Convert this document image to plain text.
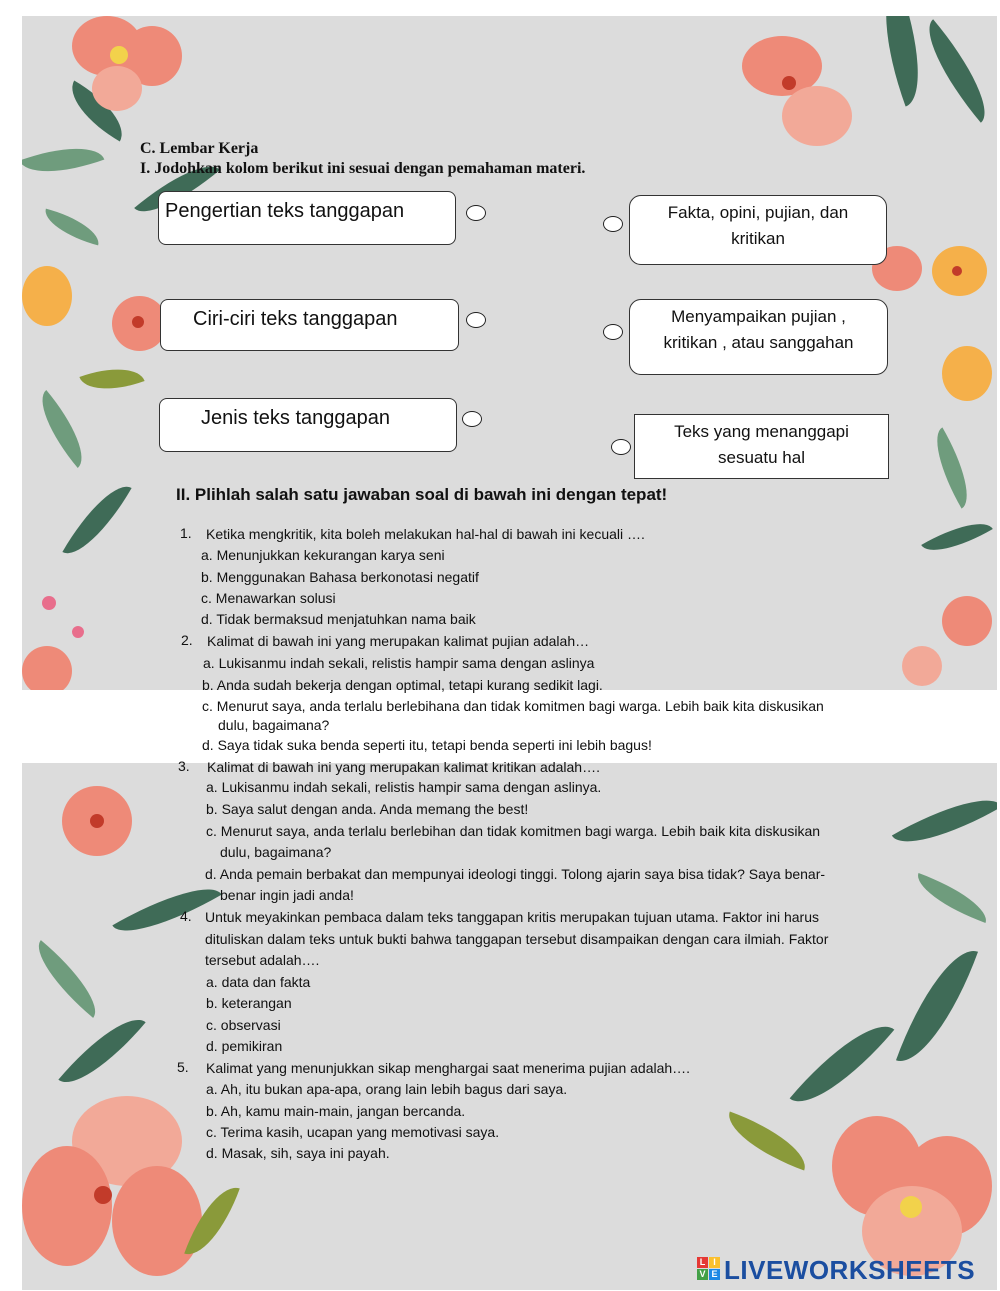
C. Lembar Kerja
I. Jodohkan kolom berikut ini sesuai dengan pemahaman materi.
Pengertian teks tanggapan
Ciri-ciri teks tanggapan
Jenis teks tanggapan
Fakta, opini, pujian, dan
kritikan
Menyampaikan pujian ,
kritikan , atau sanggahan
Teks yang menanggapi
sesuatu hal
II. Plihlah salah satu jawaban soal di bawah ini dengan tepat!
1. Ketika mengkritik, kita boleh melakukan hal-hal di bawah ini kecuali ….
a. Menunjukkan kekurangan karya seni
b. Menggunakan Bahasa berkonotasi negatif
c. Menawarkan solusi
d. Tidak bermaksud menjatuhkan nama baik
2. Kalimat di bawah ini yang merupakan kalimat pujian adalah…
a. Lukisanmu indah sekali, relistis hampir sama dengan aslinya
b. Anda sudah bekerja dengan optimal, tetapi kurang sedikit lagi.
c. Menurut saya, anda terlalu berlebihana dan tidak komitmen bagi warga. Lebih baik kita diskusikan
dulu, bagaimana?
d. Saya tidak suka benda seperti itu, tetapi benda seperti ini lebih bagus!
3. Kalimat di bawah ini yang merupakan kalimat kritikan adalah….
a. Lukisanmu indah sekali, relistis hampir sama dengan aslinya.
b. Saya salut dengan anda. Anda memang the best!
c. Menurut saya, anda terlalu berlebihan dan tidak komitmen bagi warga. Lebih baik kita diskusikan
dulu, bagaimana?
d. Anda pemain berbakat dan mempunyai ideologi tinggi. Tolong ajarin saya bisa tidak? Saya benar-
benar ingin jadi anda!
4. Untuk meyakinkan pembaca dalam teks tanggapan kritis merupakan tujuan utama. Faktor ini harus
dituliskan dalam teks untuk bukti bahwa tanggapan tersebut disampaikan dengan cara ilmiah. Faktor
tersebut adalah….
a. data dan fakta
b. keterangan
c. observasi
d. pemikiran
5. Kalimat yang menunjukkan sikap menghargai saat menerima pujian adalah….
a. Ah, itu bukan apa-apa, orang lain lebih bagus dari saya.
b. Ah, kamu main-main, jangan bercanda.
c. Terima kasih, ucapan yang memotivasi saya.
d. Masak, sih, saya ini payah.
L I
V E LIVEWORKSHEETS
